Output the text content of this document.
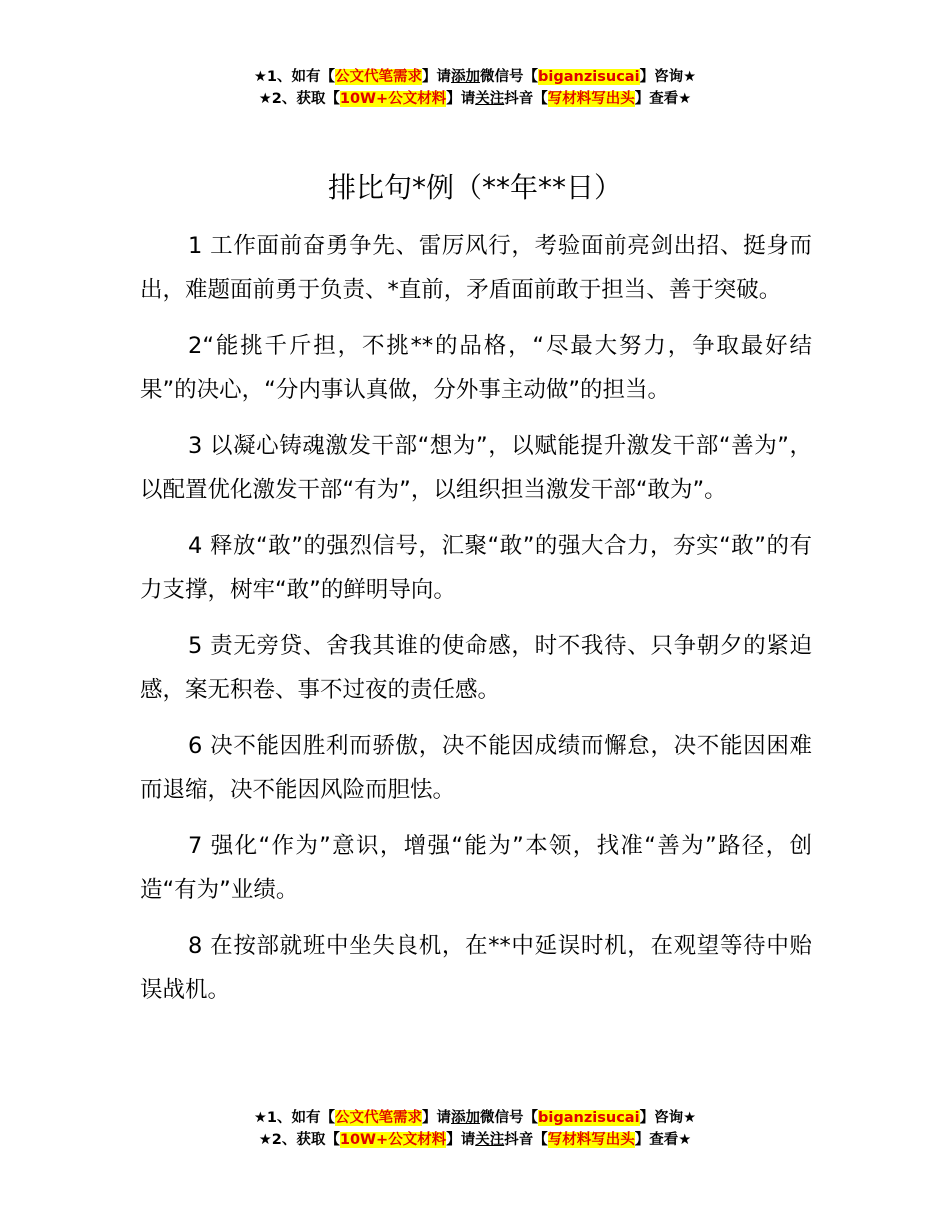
★1、如有【公文代笔需求】请添加微信号【biganzisucai】咨询★
★2、获取【10W+公文材料】请关注抖音【写材料写出头】查看★
排比句*例（**年**日）

1 工作面前奋勇争先、雷厉风行，考验面前亮剑出招、挺身而出，难题面前勇于负责、*直前，矛盾面前敢于担当、善于突破。

2“能挑千斤担，不挑**的品格，“尽最大努力，争取最好结果”的决心，“分内事认真做，分外事主动做”的担当。

3 以凝心铸魂激发干部“想为”，以赋能提升激发干部“善为”，以配置优化激发干部“有为”，以组织担当激发干部“敢为”。

4 释放“敢”的强烈信号，汇聚“敢”的强大合力，夯实“敢”的有力支撑，树牢“敢”的鲜明导向。

5 责无旁贷、舍我其谁的使命感，时不我待、只争朝夕的紧迫感，案无积卷、事不过夜的责任感。

6 决不能因胜利而骄傲，决不能因成绩而懈怠，决不能因困难而退缩，决不能因风险而胆怯。

7 强化“作为”意识，增强“能为”本领，找准“善为”路径，创造“有为”业绩。

8 在按部就班中坐失良机，在**中延误时机，在观望等待中贻误战机。

★1、如有【公文代笔需求】请添加微信号【biganzisucai】咨询★
★2、获取【10W+公文材料】请关注抖音【写材料写出头】查看★
